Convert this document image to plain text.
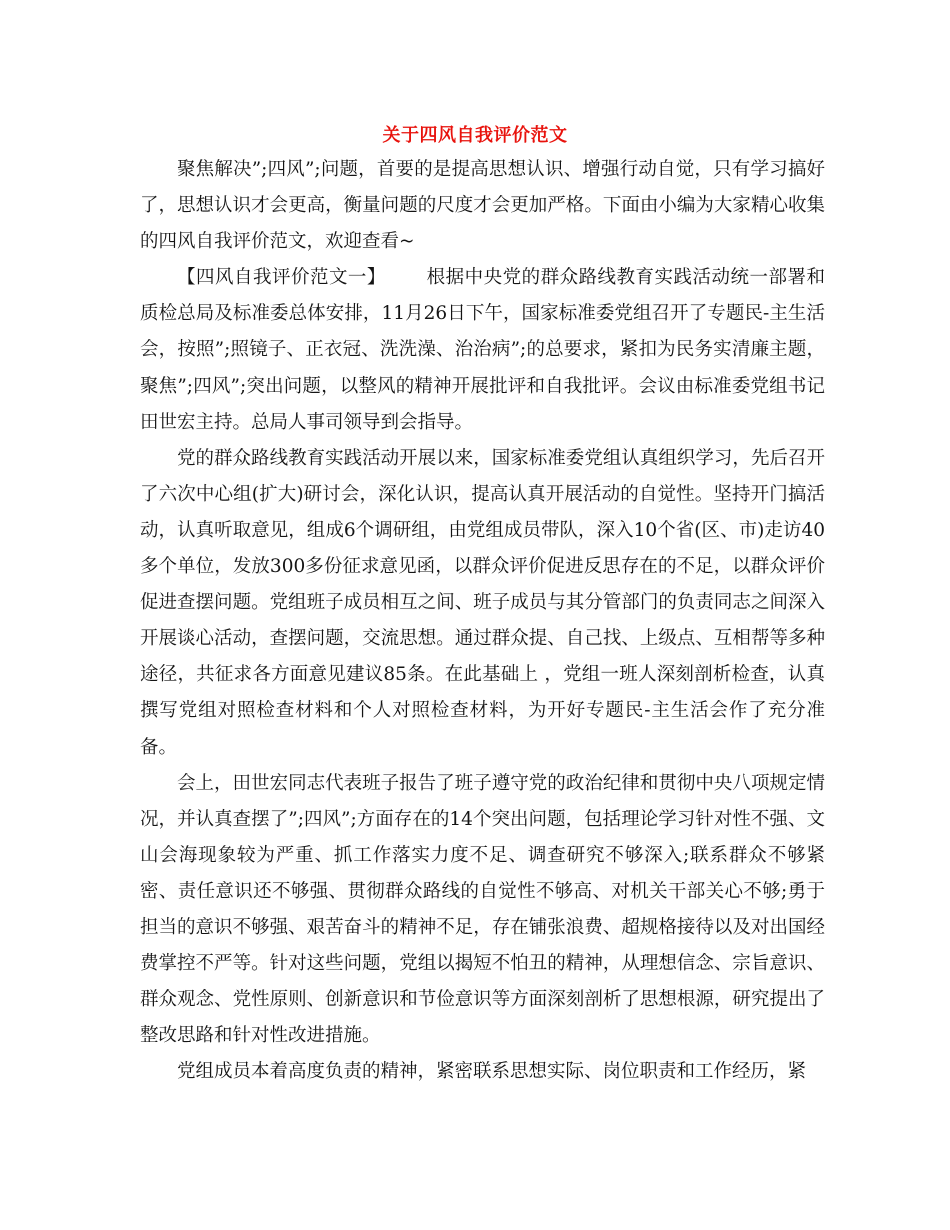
关于四风自我评价范文

聚焦解决”;四风”;问题，首要的是提高思想认识、增强行动自觉，只有学习搞好了，思想认识才会更高，衡量问题的尺度才会更加严格。下面由小编为大家精心收集的四风自我评价范文，欢迎查看~

【四风自我评价范文一】 根据中央党的群众路线教育实践活动统一部署和质检总局及标准委总体安排，11月26日下午，国家标准委党组召开了专题民-主生活会，按照”;照镜子、正衣冠、洗洗澡、治治病”;的总要求，紧扣为民务实清廉主题，聚焦”;四风”;突出问题，以整风的精神开展批评和自我批评。会议由标准委党组书记田世宏主持。总局人事司领导到会指导。

党的群众路线教育实践活动开展以来，国家标准委党组认真组织学习，先后召开了六次中心组(扩大)研讨会，深化认识，提高认真开展活动的自觉性。坚持开门搞活动，认真听取意见，组成6个调研组，由党组成员带队，深入10个省(区、市)走访40多个单位，发放300多份征求意见函，以群众评价促进反思存在的不足，以群众评价促进查摆问题。党组班子成员相互之间、班子成员与其分管部门的负责同志之间深入开展谈心活动，查摆问题，交流思想。通过群众提、自己找、上级点、互相帮等多种途径，共征求各方面意见建议85条。在此基础上 ，党组一班人深刻剖析检查，认真撰写党组对照检查材料和个人对照检查材料，为开好专题民-主生活会作了充分准备。

会上，田世宏同志代表班子报告了班子遵守党的政治纪律和贯彻中央八项规定情况，并认真查摆了”;四风”;方面存在的14个突出问题，包括理论学习针对性不强、文山会海现象较为严重、抓工作落实力度不足、调查研究不够深入;联系群众不够紧密、责任意识还不够强、贯彻群众路线的自觉性不够高、对机关干部关心不够;勇于担当的意识不够强、艰苦奋斗的精神不足，存在铺张浪费、超规格接待以及对出国经费掌控不严等。针对这些问题，党组以揭短不怕丑的精神，从理想信念、宗旨意识、群众观念、党性原则、创新意识和节俭意识等方面深刻剖析了思想根源，研究提出了整改思路和针对性改进措施。

党组成员本着高度负责的精神，紧密联系思想实际、岗位职责和工作经历，紧
